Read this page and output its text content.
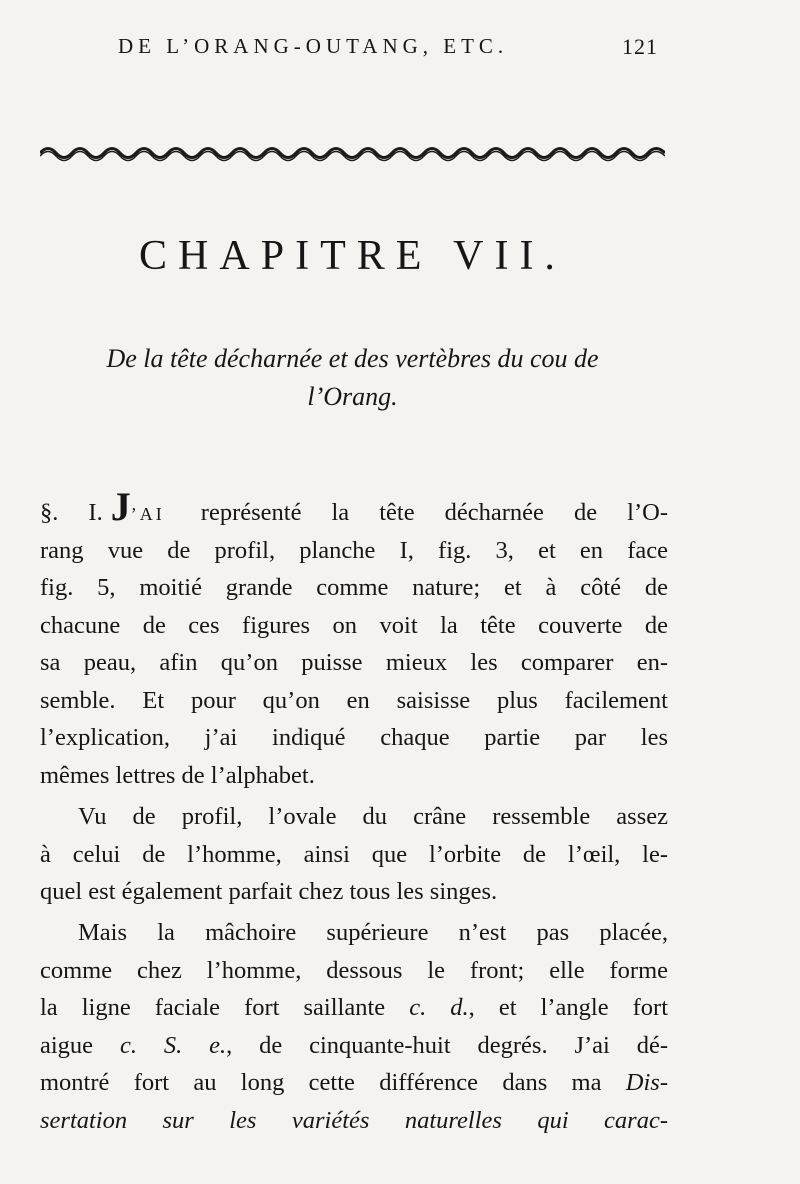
DE L’ORANG-OUTANG, ETC.	121
CHAPITRE VII.
De la tête décharnée et des vertèbres du cou de
l’Orang.
§. I. J’AI représenté la tête décharnée de l’O-
rang vue de profil, planche I, fig. 3, et en face
fig. 5, moitié grande comme nature; et à côté de
chacune de ces figures on voit la tête couverte de
sa peau, afin qu’on puisse mieux les comparer en-
semble. Et pour qu’on en saisisse plus facilement
l’explication, j’ai indiqué chaque partie par les
mêmes lettres de l’alphabet.
Vu de profil, l’ovale du crâne ressemble assez
à celui de l’homme, ainsi que l’orbite de l’œil, le-
quel est également parfait chez tous les singes.
Mais la mâchoire supérieure n’est pas placée,
comme chez l’homme, dessous le front; elle forme
la ligne faciale fort saillante c. d., et l’angle fort
aigue c. S. e., de cinquante-huit degrés. J’ai dé-
montré fort au long cette différence dans ma Dis-
sertation sur les variétés naturelles qui carac-
